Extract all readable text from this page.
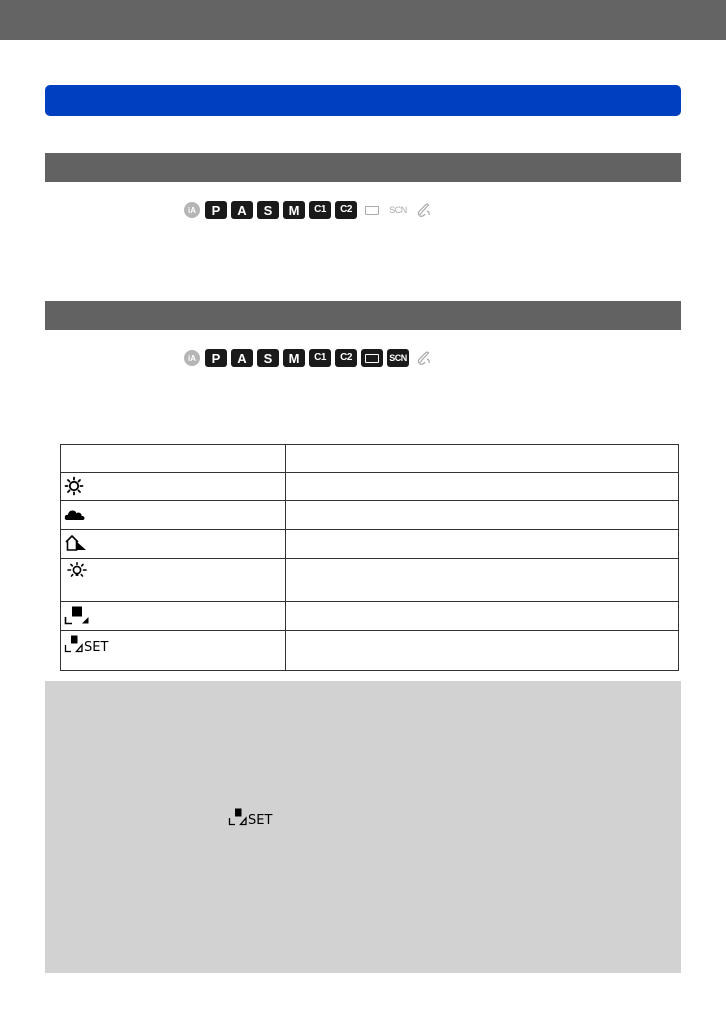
iA	P A S M C1 C2	SCN
iA	P A S M C1 C2	SCN

SET	

SET
